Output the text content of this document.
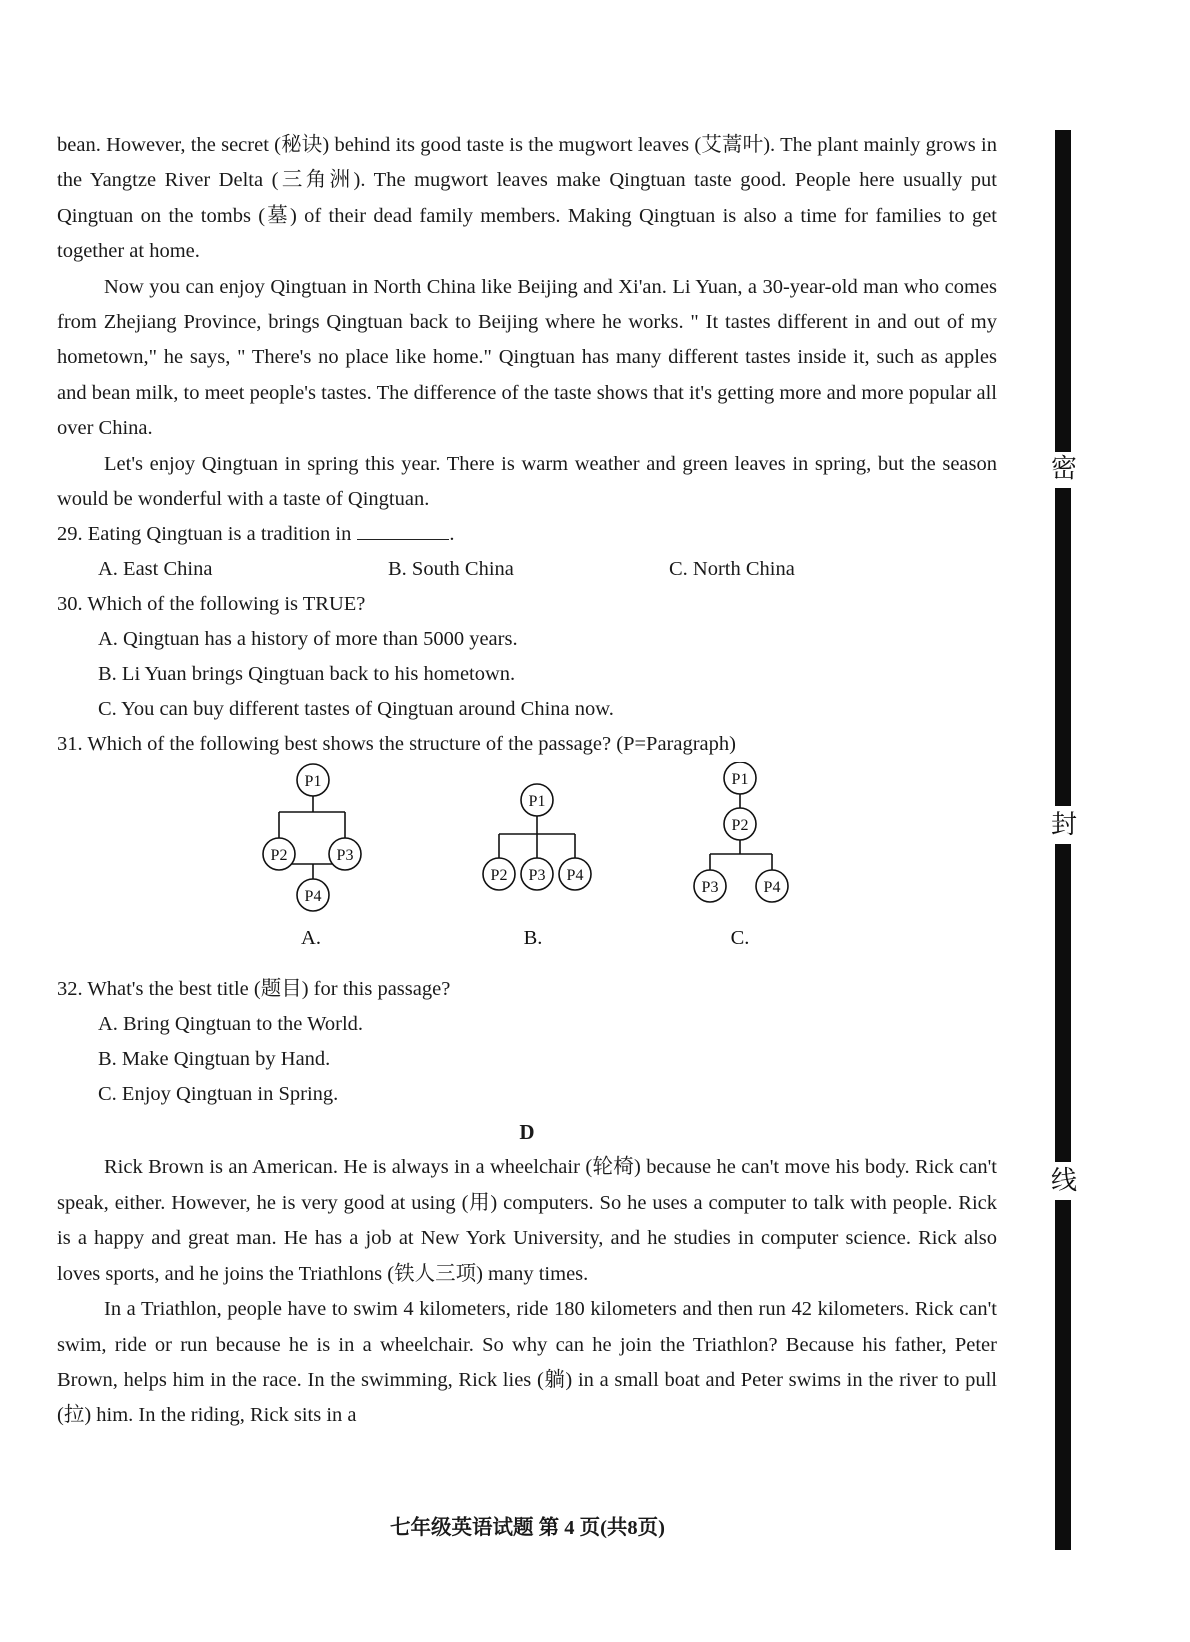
bean. However, the secret (秘诀) behind its good taste is the mugwort leaves (艾蒿叶). The plant mainly grows in the Yangtze River Delta (三角洲). The mugwort leaves make Qingtuan taste good. People here usually put Qingtuan on the tombs (墓) of their dead family members. Making Qingtuan is also a time for families to get together at home.

Now you can enjoy Qingtuan in North China like Beijing and Xi'an. Li Yuan, a 30-year-old man who comes from Zhejiang Province, brings Qingtuan back to Beijing where he works. " It tastes different in and out of my hometown," he says, " There's no place like home." Qingtuan has many different tastes inside it, such as apples and bean milk, to meet people's tastes. The difference of the taste shows that it's getting more and more popular all over China.

Let's enjoy Qingtuan in spring this year. There is warm weather and green leaves in spring, but the season would be wonderful with a taste of Qingtuan.

29. Eating Qingtuan is a tradition in	.

A. East China	B. South China	C. North China

30. Which of the following is TRUE?

A. Qingtuan has a history of more than 5000 years.

B. Li Yuan brings Qingtuan back to his hometown.

C. You can buy different tastes of Qingtuan around China now.

31. Which of the following best shows the structure of the passage? (P=Paragraph)

P1
P2	P3
P4
P1
P2 P3 P4
P1
P2
P3	P4
A.	B.	C.

32. What's the best title (题目) for this passage?

A. Bring Qingtuan to the World.

B. Make Qingtuan by Hand.

C. Enjoy Qingtuan in Spring.

D

Rick Brown is an American. He is always in a wheelchair (轮椅) because he can't move his body. Rick can't speak, either. However, he is very good at using (用) computers. So he uses a computer to talk with people. Rick is a happy and great man. He has a job at New York University, and he studies in computer science. Rick also loves sports, and he joins the Triathlons (铁人三项) many times.

In a Triathlon, people have to swim 4 kilometers, ride 180 kilometers and then run 42 kilometers. Rick can't swim, ride or run because he is in a wheelchair. So why can he join the Triathlon? Because his father, Peter Brown, helps him in the race. In the swimming, Rick lies (躺) in a small boat and Peter swims in the river to pull (拉) him. In the riding, Rick sits in a

七年级英语试题 第 4 页(共8页)
密
封
线
